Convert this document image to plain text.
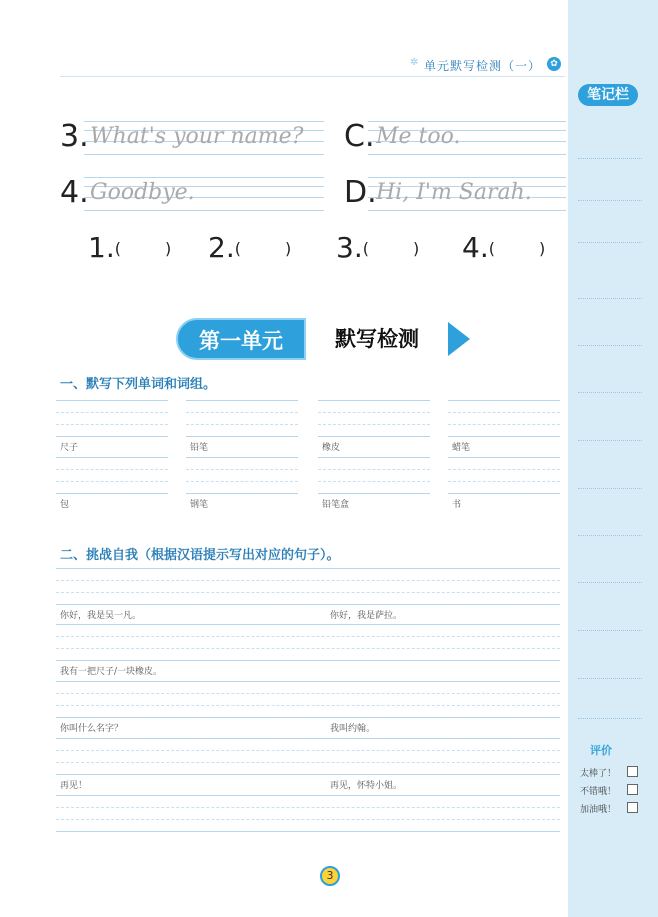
笔记栏
评价
太棒了！
不错哦！
加油哦！
✲ 单元默写检测（一）	✿
3. What's your name? C. Me too.
4. Goodbye.	D. Hi, I'm Sarah.
1.(	) 2.(	) 3.(	) 4.(	)
第一单元	默写检测
一、默写下列单词和词组。
尺子	铅笔	橡皮	蜡笔
包	钢笔	铅笔盒	书
二、挑战自我（根据汉语提示写出对应的句子）。
你好，我是吴一凡。	你好，我是萨拉。
我有一把尺子/一块橡皮。
你叫什么名字？	我叫约翰。
再见！	再见，怀特小姐。
3
